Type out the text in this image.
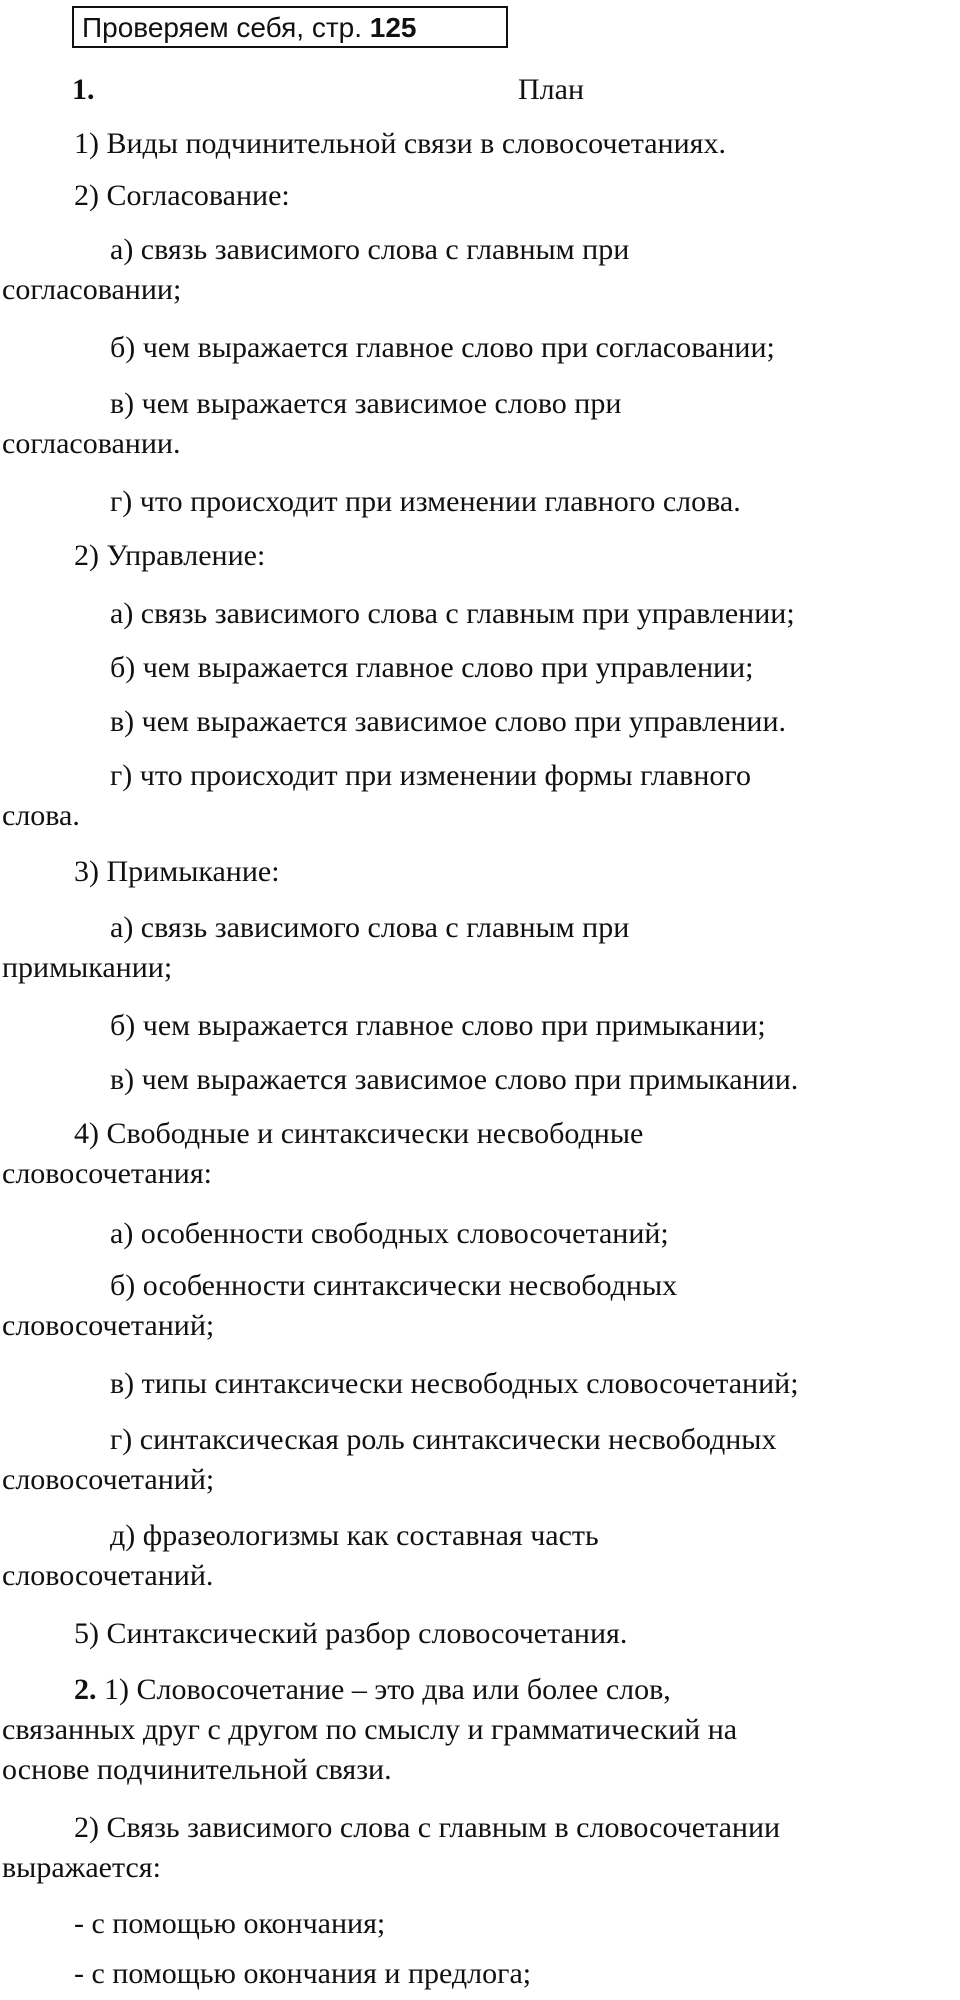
Проверяем себя, стр. 125
1.	План
1) Виды подчинительной связи в словосочетаниях.
2) Согласование:
а) связь зависимого слова с главным при
согласовании;
б) чем выражается главное слово при согласовании;
в) чем выражается зависимое слово при
согласовании.
г) что происходит при изменении главного слова.
2) Управление:
а) связь зависимого слова с главным при управлении;
б) чем выражается главное слово при управлении;
в) чем выражается зависимое слово при управлении.
г) что происходит при изменении формы главного
слова.
3) Примыкание:
а) связь зависимого слова с главным при
примыкании;
б) чем выражается главное слово при примыкании;
в) чем выражается зависимое слово при примыкании.
4) Свободные и синтаксически несвободные
словосочетания:
а) особенности свободных словосочетаний;
б) особенности синтаксически несвободных
словосочетаний;
в) типы синтаксически несвободных словосочетаний;
г) синтаксическая роль синтаксически несвободных
словосочетаний;
д) фразеологизмы как составная часть
словосочетаний.
5) Синтаксический разбор словосочетания.
2. 1) Словосочетание – это два или более слов,
связанных друг с другом по смыслу и грамматический на
основе подчинительной связи.
2) Связь зависимого слова с главным в словосочетании
выражается:
- с помощью окончания;
- с помощью окончания и предлога;
